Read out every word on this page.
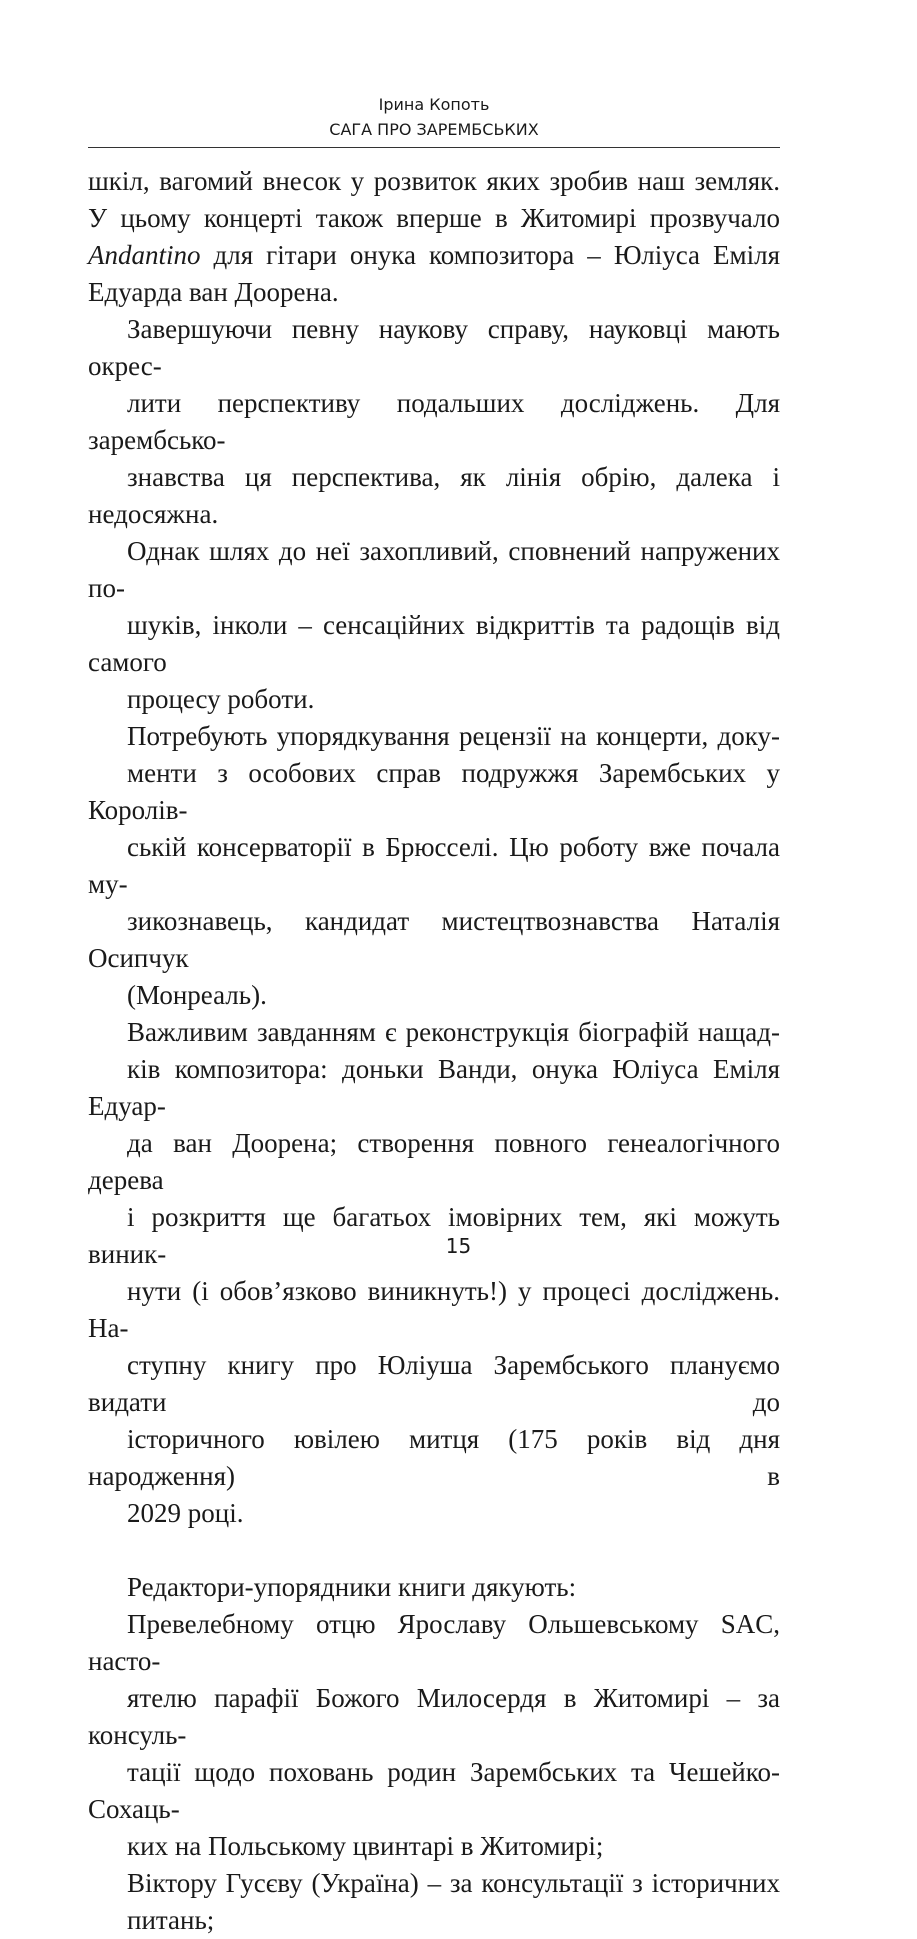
Ірина Копоть
САГА ПРО ЗАРЕМБСЬКИХ

шкіл, вагомий внесок у розвиток яких зробив наш земляк.
У цьому концерті також вперше в Житомирі прозвучало
Andantino для гітари онука композитора – Юліуса Еміля
Едуарда ван Доорена.

Завершуючи певну наукову справу, науковці мають окрес-
лити перспективу подальших досліджень. Для зарембсько-
знавства ця перспектива, як лінія обрію, далека і недосяжна.
Однак шлях до неї захопливий, сповнений напружених по-
шуків, інколи – сенсаційних відкриттів та радощів від самого
процесу роботи.

Потребують упорядкування рецензії на концерти, доку-
менти з особових справ подружжя Зарембських у Королів-
ській консерваторії в Брюсселі. Цю роботу вже почала му-
зикознавець, кандидат мистецтвознавства Наталія Осипчук
(Монреаль).

Важливим завданням є реконструкція біографій нащад-
ків композитора: доньки Ванди, онука Юліуса Еміля Едуар-
да ван Доорена; створення повного генеалогічного дерева
і розкриття ще багатьох імовірних тем, які можуть виник-
нути (і обов’язково виникнуть!) у процесі досліджень. На-
ступну книгу про Юліуша Зарембського плануємо видати до
історичного ювілею митця (175 років від дня народження) в
2029 році.

Редактори-упорядники книги дякують:

Превелебному отцю Ярославу Ольшевському SAC, насто-
ятелю парафії Божого Милосердя в Житомирі – за консуль-
тації щодо поховань родин Зарембських та Чешейко-Сохаць-
ких на Польському цвинтарі в Житомирі;

Віктору Гусєву (Україна) – за консультації з історичних
питань;

15
